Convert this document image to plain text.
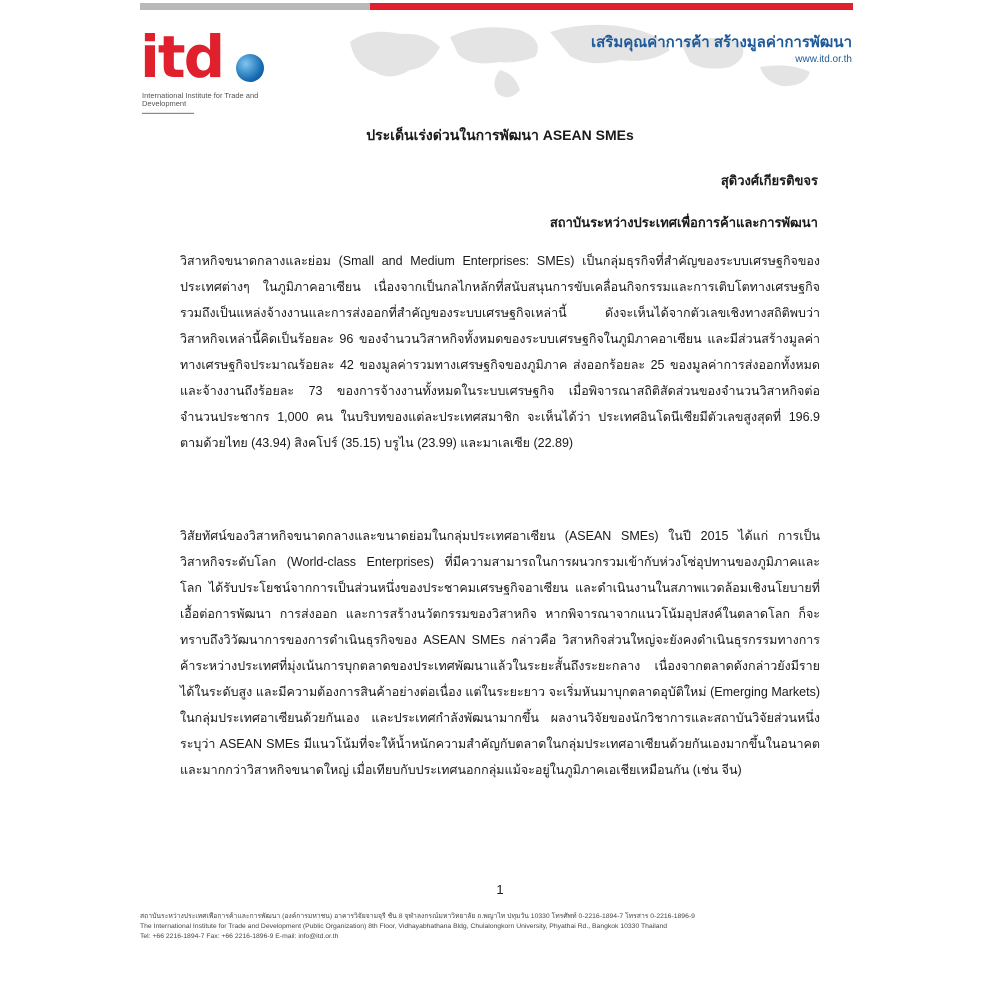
itd
International Institute for Trade and Development
▬▬▬▬▬▬▬▬▬▬▬▬▬
เสริมคุณค่าการค้า สร้างมูลค่าการพัฒนา
www.itd.or.th
ประเด็นเร่งด่วนในการพัฒนา ASEAN SMEs
สุดิวงศ์เกียรติขจร
สถาบันระหว่างประเทศเพื่อการค้าและการพัฒนา
วิสาหกิจขนาดกลางและย่อม (Small and Medium Enterprises: SMEs) เป็นกลุ่มธุรกิจที่สำคัญของระบบเศรษฐกิจของประเทศต่างๆ ในภูมิภาคอาเซียน เนื่องจากเป็นกลไกหลักที่สนับสนุนการขับเคลื่อนกิจกรรมและการเติบโตทางเศรษฐกิจ รวมถึงเป็นแหล่งจ้างงานและการส่งออกที่สำคัญของระบบเศรษฐกิจเหล่านี้ ดังจะเห็นได้จากตัวเลขเชิงทางสถิติพบว่า วิสาหกิจเหล่านี้คิดเป็นร้อยละ 96 ของจำนวนวิสาหกิจทั้งหมดของระบบเศรษฐกิจในภูมิภาคอาเซียน และมีส่วนสร้างมูลค่าทางเศรษฐกิจประมาณร้อยละ 42 ของมูลค่ารวมทางเศรษฐกิจของภูมิภาค ส่งออกร้อยละ 25 ของมูลค่าการส่งออกทั้งหมด และจ้างงานถึงร้อยละ 73 ของการจ้างงานทั้งหมดในระบบเศรษฐกิจ เมื่อพิจารณาสถิติสัดส่วนของจำนวนวิสาหกิจต่อจำนวนประชากร 1,000 คน ในบริบทของแต่ละประเทศสมาชิก จะเห็นได้ว่า ประเทศอินโดนีเซียมีตัวเลขสูงสุดที่ 196.9 ตามด้วยไทย (43.94) สิงคโปร์ (35.15) บรูไน (23.99) และมาเลเซีย (22.89)
วิสัยทัศน์ของวิสาหกิจขนาดกลางและขนาดย่อมในกลุ่มประเทศอาเซียน (ASEAN SMEs) ในปี 2015 ได้แก่ การเป็นวิสาหกิจระดับโลก (World-class Enterprises) ที่มีความสามารถในการผนวกรวมเข้ากับห่วงโซ่อุปทานของภูมิภาคและโลก ได้รับประโยชน์จากการเป็นส่วนหนึ่งของประชาคมเศรษฐกิจอาเซียน และดำเนินงานในสภาพแวดล้อมเชิงนโยบายที่เอื้อต่อการพัฒนา การส่งออก และการสร้างนวัตกรรมของวิสาหกิจ หากพิจารณาจากแนวโน้มอุปสงค์ในตลาดโลก ก็จะทราบถึงวิวัฒนาการของการดำเนินธุรกิจของ ASEAN SMEs กล่าวคือ วิสาหกิจส่วนใหญ่จะยังคงดำเนินธุรกรรมทางการค้าระหว่างประเทศที่มุ่งเน้นการบุกตลาดของประเทศพัฒนาแล้วในระยะสั้นถึงระยะกลาง เนื่องจากตลาดดังกล่าวยังมีรายได้ในระดับสูง และมีความต้องการสินค้าอย่างต่อเนื่อง แต่ในระยะยาว จะเริ่มหันมาบุกตลาดอุบัติใหม่ (Emerging Markets) ในกลุ่มประเทศอาเซียนด้วยกันเอง และประเทศกำลังพัฒนามากขึ้น ผลงานวิจัยของนักวิชาการและสถาบันวิจัยส่วนหนึ่ง ระบุว่า ASEAN SMEs มีแนวโน้มที่จะให้น้ำหนักความสำคัญกับตลาดในกลุ่มประเทศอาเซียนด้วยกันเองมากขึ้นในอนาคต และมากกว่าวิสาหกิจขนาดใหญ่ เมื่อเทียบกับประเทศนอกกลุ่มแม้จะอยู่ในภูมิภาคเอเชียเหมือนกัน (เช่น จีน)
1
สถาบันระหว่างประเทศเพื่อการค้าและการพัฒนา (องค์การมหาชน) อาคารวิจัยจามจุรี ชั้น 8 จุฬาลงกรณ์มหาวิทยาลัย ถ.พญาไท ปทุมวัน 10330 โทรศัพท์ 0-2216-1894-7 โทรสาร 0-2216-1896-9
The International Institute for Trade and Development (Public Organization) 8th Floor, Vidhayabhathana Bldg, Chulalongkorn University, Phyathai Rd., Bangkok 10330 Thailand
Tel: +66 2216-1894-7 Fax: +66 2216-1896-9 E-mail: info@itd.or.th
